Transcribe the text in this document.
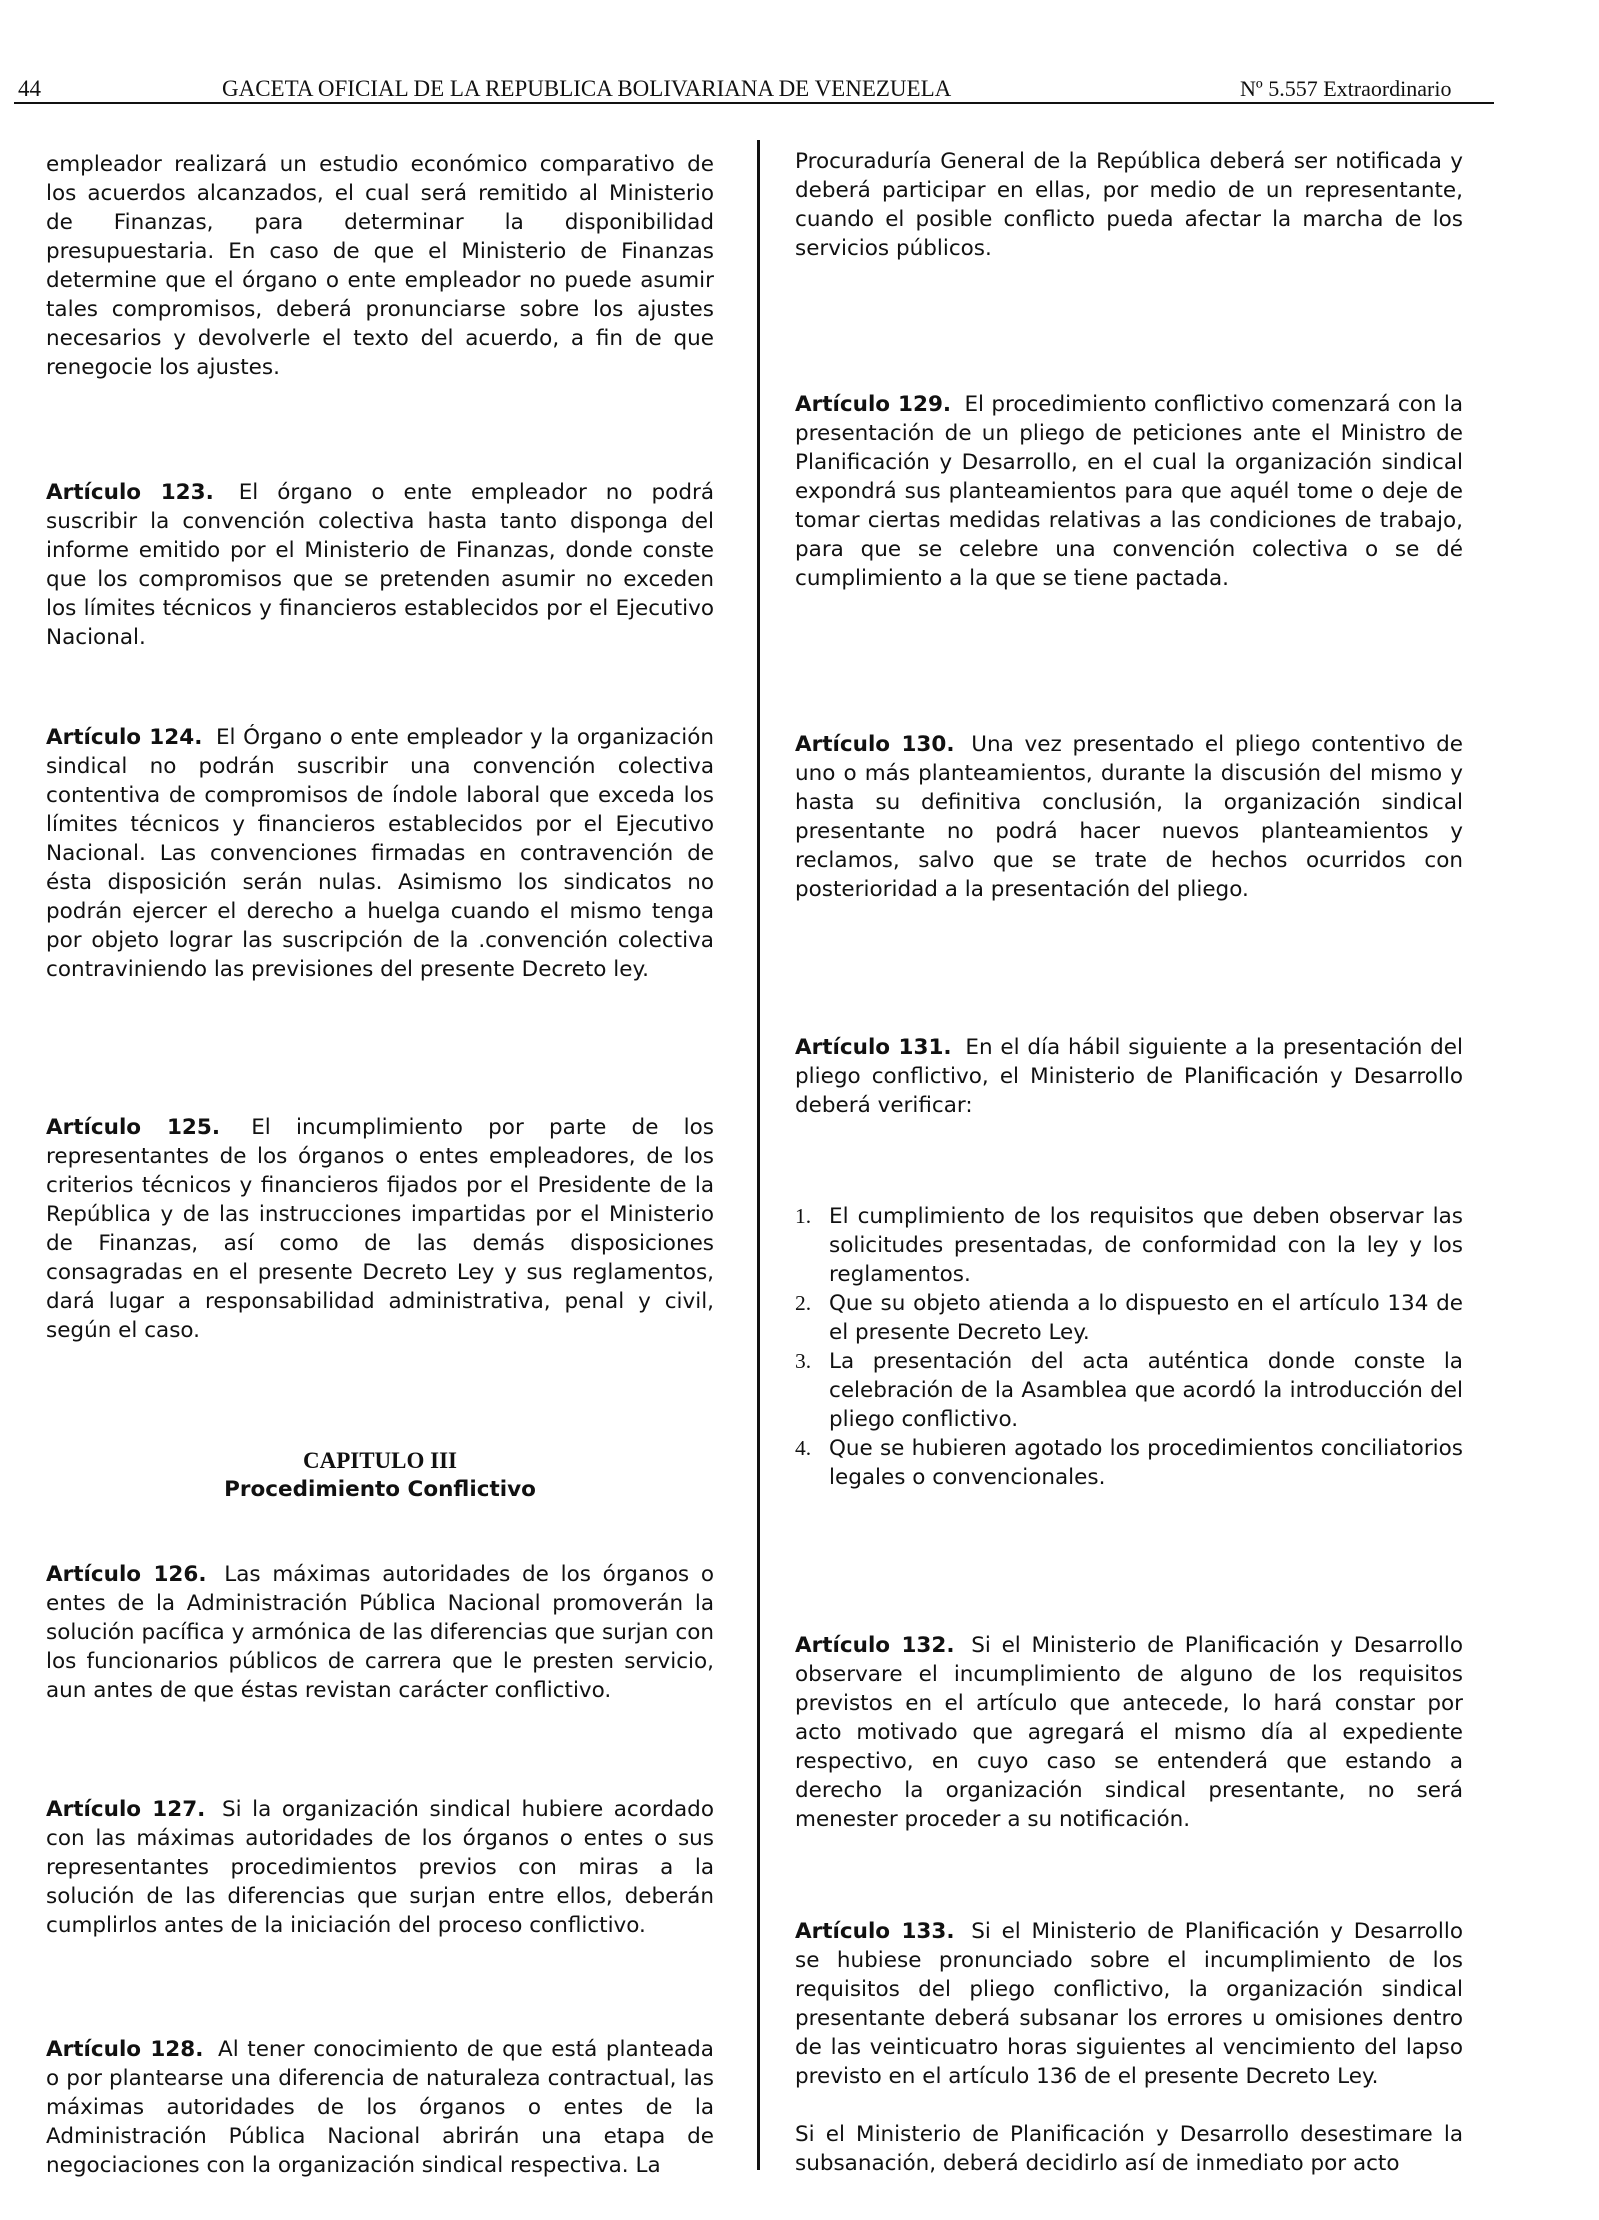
44	GACETA OFICIAL DE LA REPUBLICA BOLIVARIANA DE VENEZUELA	Nº 5.557 Extraordinario

empleador realizará un estudio económico comparativo de los acuerdos alcanzados, el cual será remitido al Ministerio de Finanzas, para determinar la disponibilidad presupuestaria. En caso de que el Ministerio de Finanzas determine que el órgano o ente empleador no puede asumir tales compromisos, deberá pronunciarse sobre los ajustes necesarios y devolverle el texto del acuerdo, a fin de que renegocie los ajustes.

Artículo 123. El órgano o ente empleador no podrá suscribir la convención colectiva hasta tanto disponga del informe emitido por el Ministerio de Finanzas, donde conste que los compromisos que se pretenden asumir no exceden los límites técnicos y financieros establecidos por el Ejecutivo Nacional.

Artículo 124. El Órgano o ente empleador y la organización sindical no podrán suscribir una convención colectiva contentiva de compromisos de índole laboral que exceda los límites técnicos y financieros establecidos por el Ejecutivo Nacional. Las convenciones firmadas en contravención de ésta disposición serán nulas. Asimismo los sindicatos no podrán ejercer el derecho a huelga cuando el mismo tenga por objeto lograr las suscripción de la .convención colectiva contraviniendo las previsiones del presente Decreto ley.

Artículo 125. El incumplimiento por parte de los representantes de los órganos o entes empleadores, de los criterios técnicos y financieros fijados por el Presidente de la República y de las instrucciones impartidas por el Ministerio de Finanzas, así como de las demás disposiciones consagradas en el presente Decreto Ley y sus reglamentos, dará lugar a responsabilidad administrativa, penal y civil, según el caso.

CAPITULO III
Procedimiento Conflictivo

Artículo 126. Las máximas autoridades de los órganos o entes de la Administración Pública Nacional promoverán la solución pacífica y armónica de las diferencias que surjan con los funcionarios públicos de carrera que le presten servicio, aun antes de que éstas revistan carácter conflictivo.

Artículo 127. Si la organización sindical hubiere acordado con las máximas autoridades de los órganos o entes o sus representantes procedimientos previos con miras a la solución de las diferencias que surjan entre ellos, deberán cumplirlos antes de la iniciación del proceso conflictivo.

Artículo 128. Al tener conocimiento de que está planteada o por plantearse una diferencia de naturaleza contractual, las máximas autoridades de los órganos o entes de la Administración Pública Nacional abrirán una etapa de negociaciones con la organización sindical respectiva. La

Procuraduría General de la República deberá ser notificada y deberá participar en ellas, por medio de un representante, cuando el posible conflicto pueda afectar la marcha de los servicios públicos.

Artículo 129. El procedimiento conflictivo comenzará con la presentación de un pliego de peticiones ante el Ministro de Planificación y Desarrollo, en el cual la organización sindical expondrá sus planteamientos para que aquél tome o deje de tomar ciertas medidas relativas a las condiciones de trabajo, para que se celebre una convención colectiva o se dé cumplimiento a la que se tiene pactada.

Artículo 130. Una vez presentado el pliego contentivo de uno o más planteamientos, durante la discusión del mismo y hasta su definitiva conclusión, la organización sindical presentante no podrá hacer nuevos planteamientos y reclamos, salvo que se trate de hechos ocurridos con posterioridad a la presentación del pliego.

Artículo 131. En el día hábil siguiente a la presentación del pliego conflictivo, el Ministerio de Planificación y Desarrollo deberá verificar:

1. El cumplimiento de los requisitos que deben observar las solicitudes presentadas, de conformidad con la ley y los reglamentos.
2. Que su objeto atienda a lo dispuesto en el artículo 134 de el presente Decreto Ley.
3. La presentación del acta auténtica donde conste la celebración de la Asamblea que acordó la introducción del pliego conflictivo.
4. Que se hubieren agotado los procedimientos conciliatorios legales o convencionales.

Artículo 132. Si el Ministerio de Planificación y Desarrollo observare el incumplimiento de alguno de los requisitos previstos en el artículo que antecede, lo hará constar por acto motivado que agregará el mismo día al expediente respectivo, en cuyo caso se entenderá que estando a derecho la organización sindical presentante, no será menester proceder a su notificación.

Artículo 133. Si el Ministerio de Planificación y Desarrollo se hubiese pronunciado sobre el incumplimiento de los requisitos del pliego conflictivo, la organización sindical presentante deberá subsanar los errores u omisiones dentro de las veinticuatro horas siguientes al vencimiento del lapso previsto en el artículo 136 de el presente Decreto Ley.

Si el Ministerio de Planificación y Desarrollo desestimare la subsanación, deberá decidirlo así de inmediato por acto
